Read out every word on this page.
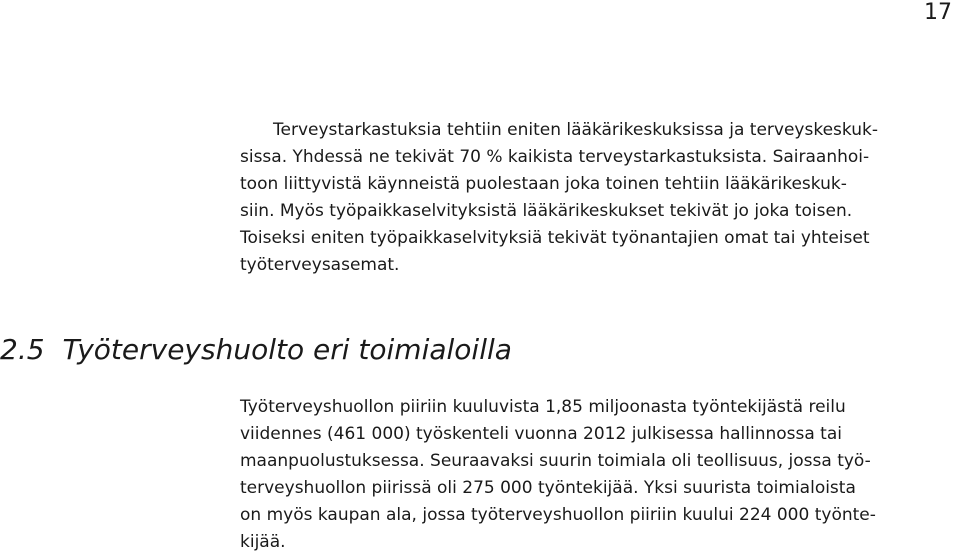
17

Terveystarkastuksia tehtiin eniten lääkärikeskuksissa ja terveyskeskuk-
sissa. Yhdessä ne tekivät 70 % kaikista terveystarkastuksista. Sairaanhoi-
toon liittyvistä käynneistä puolestaan joka toinen tehtiin lääkärikeskuk-
siin. Myös työpaikkaselvityksistä lääkärikeskukset tekivät jo joka toisen.
Toiseksi eniten työpaikkaselvityksiä tekivät työnantajien omat tai yhteiset
työterveysasemat.

2.5 Työterveyshuolto eri toimialoilla

Työterveyshuollon piiriin kuuluvista 1,85 miljoonasta työntekijästä reilu
viidennes (461 000) työskenteli vuonna 2012 julkisessa hallinnossa tai
maanpuolustuksessa. Seuraavaksi suurin toimiala oli teollisuus, jossa työ-
terveyshuollon piirissä oli 275 000 työntekijää. Yksi suurista toimialoista
on myös kaupan ala, jossa työterveyshuollon piiriin kuului 224 000 työnte-
kijää.
